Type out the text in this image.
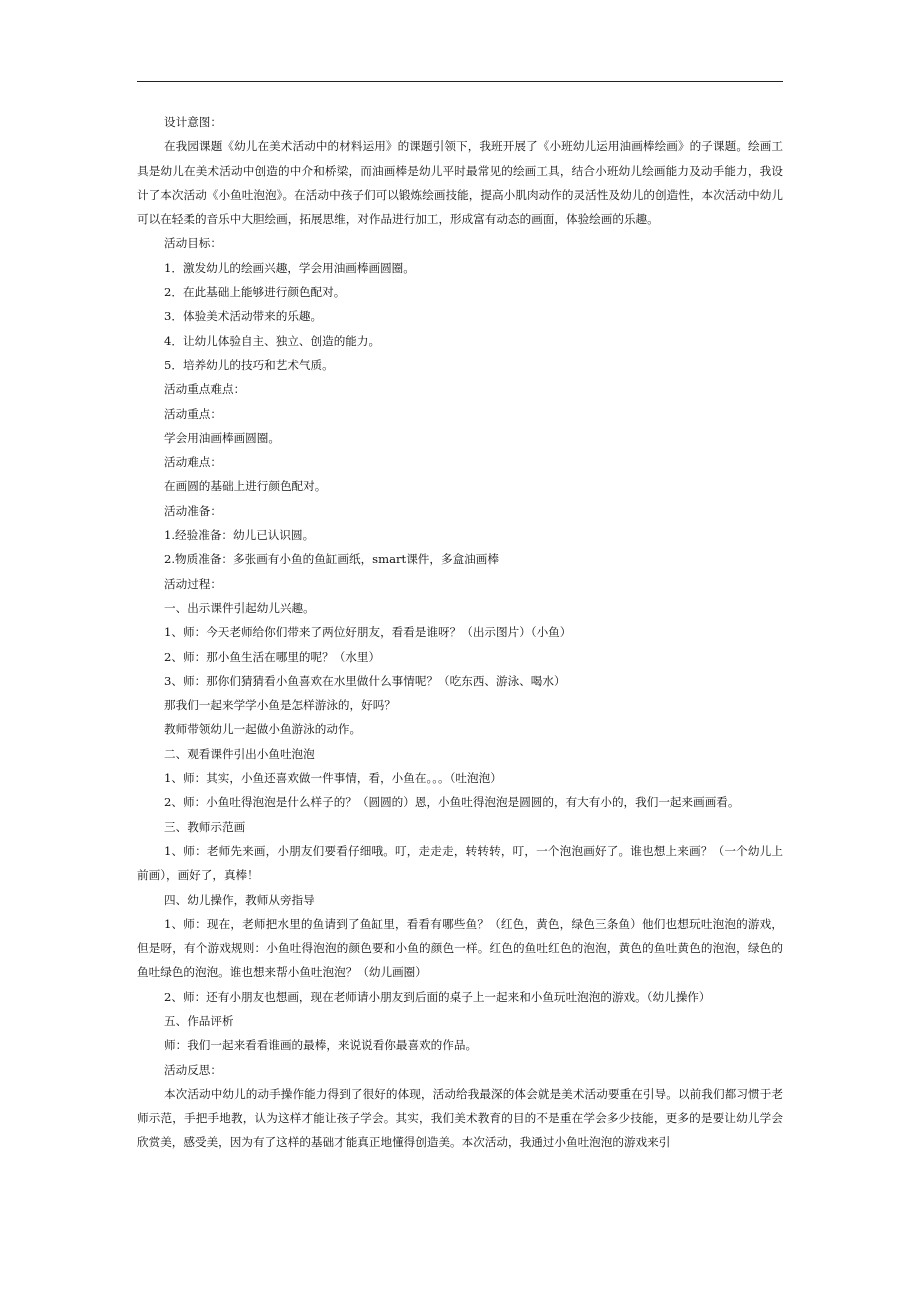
设计意图：
在我园课题《幼儿在美术活动中的材料运用》的课题引领下，我班开展了《小班幼儿运用油画棒绘画》的子课题。绘画工具是幼儿在美术活动中创造的中介和桥梁，而油画棒是幼儿平时最常见的绘画工具，结合小班幼儿绘画能力及动手能力，我设计了本次活动《小鱼吐泡泡》。在活动中孩子们可以锻炼绘画技能，提高小肌肉动作的灵活性及幼儿的创造性，本次活动中幼儿可以在轻柔的音乐中大胆绘画，拓展思维，对作品进行加工，形成富有动态的画面，体验绘画的乐趣。
活动目标：
1．激发幼儿的绘画兴趣，学会用油画棒画圆圈。
2．在此基础上能够进行颜色配对。
3．体验美术活动带来的乐趣。
4．让幼儿体验自主、独立、创造的能力。
5．培养幼儿的技巧和艺术气质。
活动重点难点：
活动重点：
学会用油画棒画圆圈。
活动难点：
在画圆的基础上进行颜色配对。
活动准备：
1.经验准备：幼儿已认识圆。
2.物质准备：多张画有小鱼的鱼缸画纸，smart课件，多盒油画棒
活动过程：
一、出示课件引起幼儿兴趣。
1、师：今天老师给你们带来了两位好朋友，看看是谁呀？（出示图片）（小鱼）
2、师：那小鱼生活在哪里的呢？（水里）
3、师：那你们猜猜看小鱼喜欢在水里做什么事情呢？（吃东西、游泳、喝水）
那我们一起来学学小鱼是怎样游泳的，好吗？
教师带领幼儿一起做小鱼游泳的动作。
二、观看课件引出小鱼吐泡泡
1、师：其实，小鱼还喜欢做一件事情，看，小鱼在。。。（吐泡泡）
2、师：小鱼吐得泡泡是什么样子的？（圆圆的）恩，小鱼吐得泡泡是圆圆的，有大有小的，我们一起来画画看。
三、教师示范画
1、师：老师先来画，小朋友们要看仔细哦。叮，走走走，转转转，叮，一个泡泡画好了。谁也想上来画？（一个幼儿上前画），画好了，真棒！
四、幼儿操作，教师从旁指导
1、师：现在，老师把水里的鱼请到了鱼缸里，看看有哪些鱼？（红色，黄色，绿色三条鱼）他们也想玩吐泡泡的游戏，但是呀，有个游戏规则：小鱼吐得泡泡的颜色要和小鱼的颜色一样。红色的鱼吐红色的泡泡，黄色的鱼吐黄色的泡泡，绿色的鱼吐绿色的泡泡。谁也想来帮小鱼吐泡泡？（幼儿画圈）
2、师：还有小朋友也想画，现在老师请小朋友到后面的桌子上一起来和小鱼玩吐泡泡的游戏。（幼儿操作）
五、作品评析
师：我们一起来看看谁画的最棒，来说说看你最喜欢的作品。
活动反思：
本次活动中幼儿的动手操作能力得到了很好的体现，活动给我最深的体会就是美术活动要重在引导。以前我们都习惯于老师示范，手把手地教，认为这样才能让孩子学会。其实，我们美术教育的目的不是重在学会多少技能，更多的是要让幼儿学会欣赏美，感受美，因为有了这样的基础才能真正地懂得创造美。本次活动，我通过小鱼吐泡泡的游戏来引
